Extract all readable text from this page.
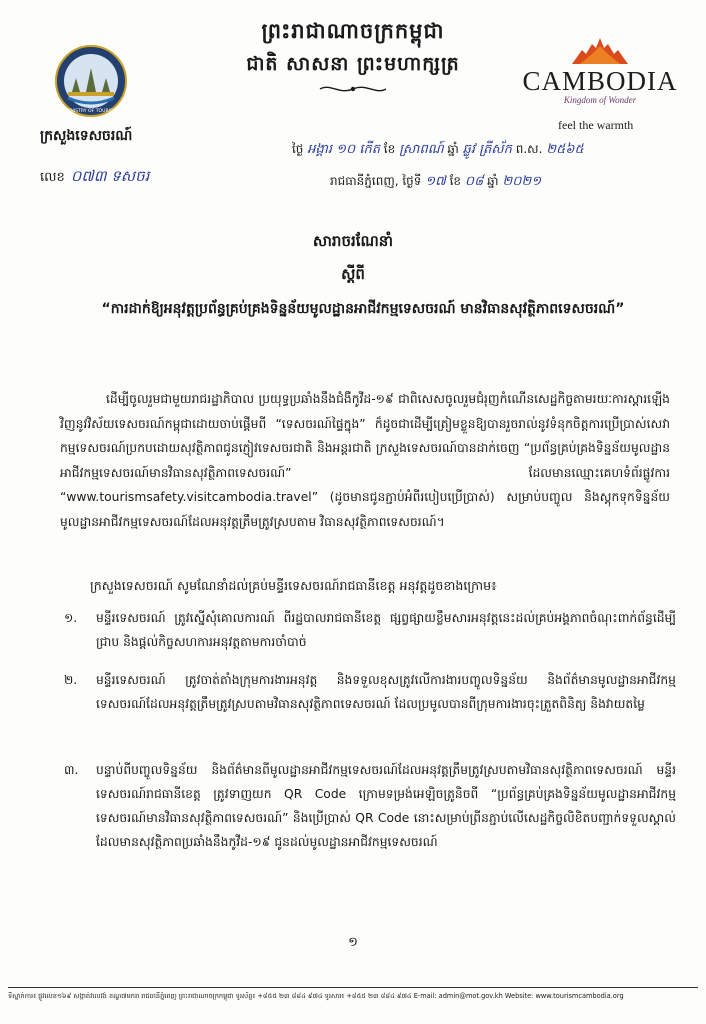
ព្រះរាជាណាចក្រកម្ពុជា
ជាតិ សាសនា ព្រះមហាក្សត្រ
MINISTRY OF TOURISM
ក្រសួងទេសចរណ៍
លេខ ០៧៣ ទសចរ
CAMBODIA
Kingdom of Wonder
feel the warmth
ថ្ងៃ អង្គារ ១០ កើត ខែ ស្រាពណ៍ ឆ្នាំ ឆ្លូវ ត្រីស័ក ព.ស. ២៥៦៥
រាជធានីភ្នំពេញ, ថ្ងៃទី ១៧ ខែ ០៨ ឆ្នាំ ២០២១
សារាចរណែនាំ
ស្តីពី
“ការដាក់ឱ្យអនុវត្តប្រព័ន្ធគ្រប់គ្រងទិន្នន័យមូលដ្ឋានអាជីវកម្មទេសចរណ៍ មានវិធានសុវត្ថិភាពទេសចរណ៍”
ដើម្បីចូលរួមជាមួយរាជរដ្ឋាភិបាល ប្រយុទ្ធប្រឆាំងនឹងជំងឺកូវីដ-១៩ ជាពិសេសចូលរួមជំរុញកំណើនសេដ្ឋកិច្ចតាមរយៈការស្តារឡើងវិញនូវវិស័យទេសចរណ៍កម្ពុជាដោយចាប់ផ្តើមពី “ទេសចរណ៍ផ្ទៃក្នុង” ក៏ដូចជាដើម្បីត្រៀមខ្លួនឱ្យបានរួចរាល់នូវទំនុកចិត្តការប្រើប្រាស់សេវាកម្មទេសចរណ៍ប្រកបដោយសុវត្ថិភាពជូនភ្ញៀវទេសចរជាតិ និងអន្តរជាតិ ក្រសួងទេសចរណ៍បានដាក់ចេញ “ប្រព័ន្ធគ្រប់គ្រងទិន្នន័យមូលដ្ឋានអាជីវកម្មទេសចរណ៍មានវិធានសុវត្ថិភាពទេសចរណ៍” ដែលមានឈ្មោះគេហទំព័រផ្លូវការ “www.tourismsafety.visitcambodia.travel” (ដូចមានជូនភ្ជាប់អំពីរបៀបប្រើប្រាស់) សម្រាប់បញ្ចូល និងស្តុកទុកទិន្នន័យមូលដ្ឋានអាជីវកម្មទេសចរណ៍ដែលអនុវត្តត្រឹមត្រូវស្របតាម វិធានសុវត្ថិភាពទេសចរណ៍។
ក្រសួងទេសចរណ៍ សូមណែនាំដល់គ្រប់មន្ទីរទេសចរណ៍រាជធានីខេត្ត អនុវត្តដូចខាងក្រោម៖
១. មន្ទីរទេសចរណ៍ ត្រូវស្នើសុំគោលការណ៍ ពីរដ្ឋបាលរាជធានីខេត្ត ផ្សព្វផ្សាយខ្លឹមសារអនុវត្តនេះដល់គ្រប់អង្គភាពចំណុះពាក់ព័ន្ធដើម្បីជ្រាប និងផ្តល់កិច្ចសហការអនុវត្តតាមការចាំបាច់
២. មន្ទីរទេសចរណ៍ ត្រូវចាត់តាំងក្រុមការងារអនុវត្ត និងទទួលខុសត្រូវលើការងារបញ្ចូលទិន្នន័យ និងព័ត៌មានមូលដ្ឋានអាជីវកម្មទេសចរណ៍ដែលអនុវត្តត្រឹមត្រូវស្របតាមវិធានសុវត្ថិភាពទេសចរណ៍ ដែលប្រមូលបានពីក្រុមការងារចុះត្រួតពិនិត្យ និងវាយតម្លៃ
៣. បន្ទាប់ពីបញ្ចូលទិន្នន័យ និងព័ត៌មានពីមូលដ្ឋានអាជីវកម្មទេសចរណ៍ដែលអនុវត្តត្រឹមត្រូវស្របតាមវិធានសុវត្ថិភាពទេសចរណ៍ មន្ទីរទេសចរណ៍រាជធានីខេត្ត ត្រូវទាញយក QR Code ក្រោមទម្រង់អេឡិចត្រូនិចពី “ប្រព័ន្ធគ្រប់គ្រងទិន្នន័យមូលដ្ឋានអាជីវកម្មទេសចរណ៍មានវិធានសុវត្ថិភាពទេសចរណ៍” និងប្រើប្រាស់ QR Code នោះសម្រាប់ព្រីនភ្ជាប់លើសេដ្ឋកិច្ចលិខិតបញ្ជាក់ទទួលស្គាល់ដែលមានសុវត្ថិភាពប្រឆាំងនឹងកូវីដ-១៩ ជូនដល់មូលដ្ឋានអាជីវកម្មទេសចរណ៍
១
ទីស្នាក់ការ៖ ផ្លូវលេខ១៦៩ សង្កាត់វាលវង់ ខណ្ឌ៧មករា រាជធានីភ្នំពេញ ព្រះរាជាណាចក្រកម្ពុជា ទូរស័ព្ទ៖ +៨៥៥ ២៣ ៨៨៤ ៩៧៤ ទូរសារ៖ +៨៥៥ ២៣ ៨៨៤ ៩៧៤ E-mail: admin@mot.gov.kh Website: www.tourismcambodia.org
